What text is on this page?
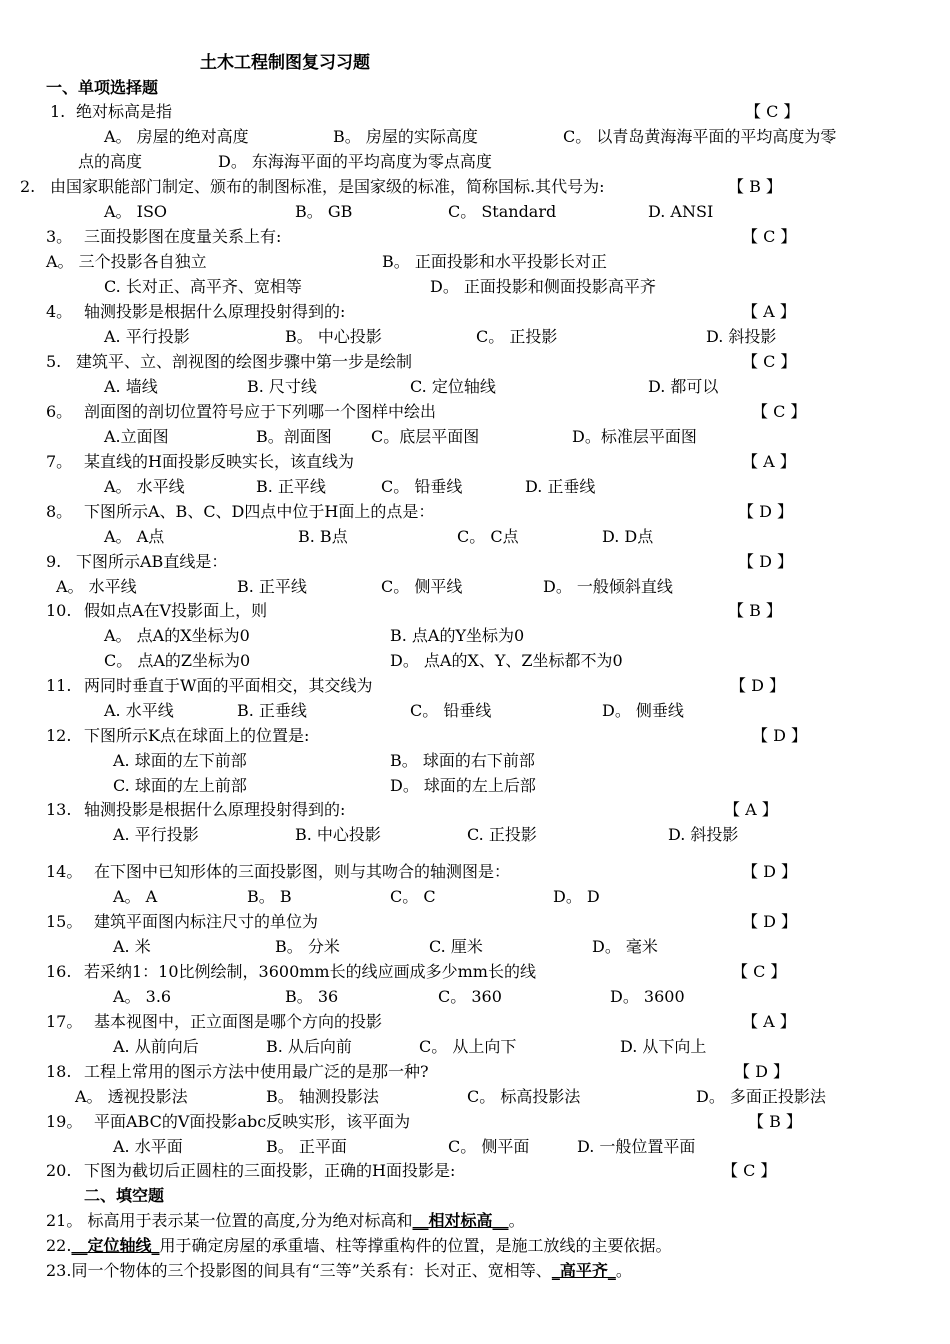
土木工程制图复习习题
一、单项选择题
1. 绝对标高是指	【 C 】
A。 房屋的绝对高度	B。 房屋的实际高度	C。 以青岛黄海海平面的平均高度为零
点的高度	D。 东海海平面的平均高度为零点高度
2. 由国家职能部门制定、颁布的制图标准，是国家级的标准，简称国标.其代号为:	【 B 】
A。 ISO	B。 GB	C。 Standard	D. ANSI
3。 三面投影图在度量关系上有:	【 C 】
A。 三个投影各自独立	B。 正面投影和水平投影长对正
C. 长对正、高平齐、宽相等	D。 正面投影和侧面投影高平齐
4。 轴测投影是根据什么原理投射得到的:	【 A 】
A. 平行投影	B。 中心投影	C。 正投影	D. 斜投影
5. 建筑平、立、剖视图的绘图步骤中第一步是绘制	【 C 】
A. 墙线	B. 尺寸线	C. 定位轴线	D. 都可以
6。 剖面图的剖切位置符号应于下列哪一个图样中绘出	【 C 】
A.立面图	B。剖面图 C。底层平面图	D。标准层平面图
7。 某直线的H面投影反映实长，该直线为	【 A 】
A。 水平线	B. 正平线	C。 铅垂线	D. 正垂线
8。 下图所示A、B、C、D四点中位于H面上的点是：	【 D 】
A。 A点	B. B点	C。 C点	D. D点
9. 下图所示AB直线是：	【 D 】
A。 水平线	B. 正平线	C。 侧平线	D。 一般倾斜直线
10. 假如点A在V投影面上，则	【 B 】
A。 点A的X坐标为0	B. 点A的Y坐标为0
C。 点A的Z坐标为0	D。 点A的X、Y、Z坐标都不为0
11. 两同时垂直于W面的平面相交，其交线为	【 D 】
A. 水平线	B. 正垂线	C。 铅垂线	D。 侧垂线
12. 下图所示K点在球面上的位置是:	【 D 】
A. 球面的左下前部	B。 球面的右下前部
C. 球面的左上前部	D。 球面的左上后部
13. 轴测投影是根据什么原理投射得到的:	【 A 】
A. 平行投影	B. 中心投影	C. 正投影	D. 斜投影
14。 在下图中已知形体的三面投影图，则与其吻合的轴测图是：	【 D 】
A。 A	B。 B	C。 C	D。 D
15。 建筑平面图内标注尺寸的单位为	【 D 】
A. 米	B。 分米	C. 厘米	D。 毫米
16. 若采纳1：10比例绘制，3600mm长的线应画成多少mm长的线	【 C 】
A。 3.6	B。 36	C。 360	D。 3600
17。 基本视图中，正立面图是哪个方向的投影	【 A 】
A. 从前向后	B. 从后向前	C。 从上向下	D. 从下向上
18. 工程上常用的图示方法中使用最广泛的是那一种?	【 D 】
A。 透视投影法	B。 轴测投影法	C。 标高投影法	D。 多面正投影法
19。 平面ABC的V面投影abc反映实形，该平面为	【 B 】
A. 水平面	B。 正平面	C。 侧平面	D. 一般位置平面
20. 下图为截切后正圆柱的三面投影，正确的H面投影是:	【 C 】
二、填空题
21。 标高用于表示某一位置的高度,分为绝对标高和__相对标高__。
22.__定位轴线_用于确定房屋的承重墙、柱等撑重构件的位置，是施工放线的主要依据。
23.同一个物体的三个投影图的间具有“三等”关系有：长对正、宽相等、_高平齐_。
